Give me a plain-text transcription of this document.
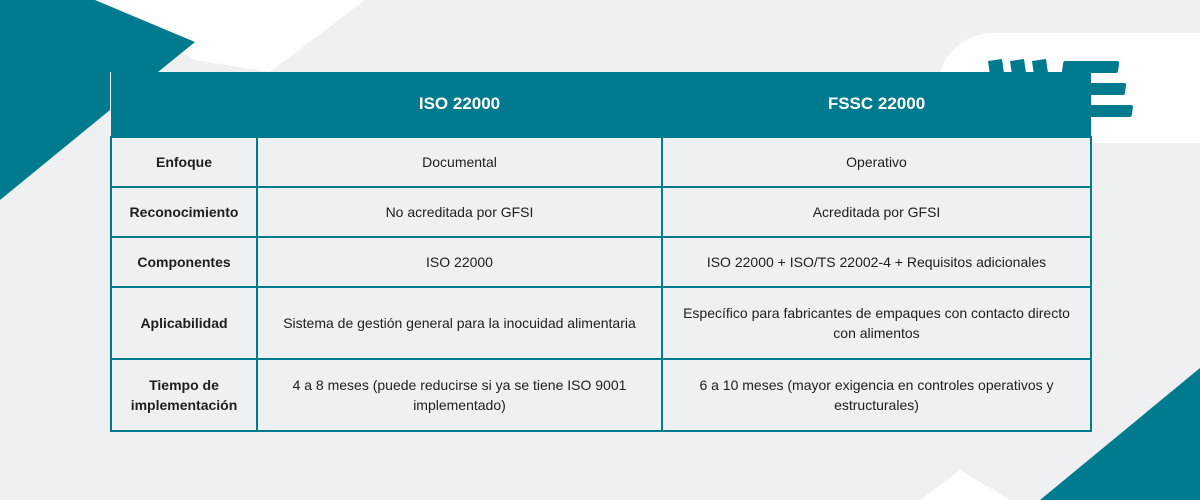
	ISO 22000	FSSC 22000
Enfoque	Documental	Operativo
Reconocimiento	No acreditada por GFSI	Acreditada por GFSI
Componentes	ISO 22000	ISO 22000 + ISO/TS 22002-4 + Requisitos adicionales
Aplicabilidad	Sistema de gestión general para la inocuidad alimentaria	Específico para fabricantes de empaques con contacto directo con alimentos
Tiempo de implementación	4 a 8 meses (puede reducirse si ya se tiene ISO 9001 implementado)	6 a 10 meses (mayor exigencia en controles operativos y estructurales)
